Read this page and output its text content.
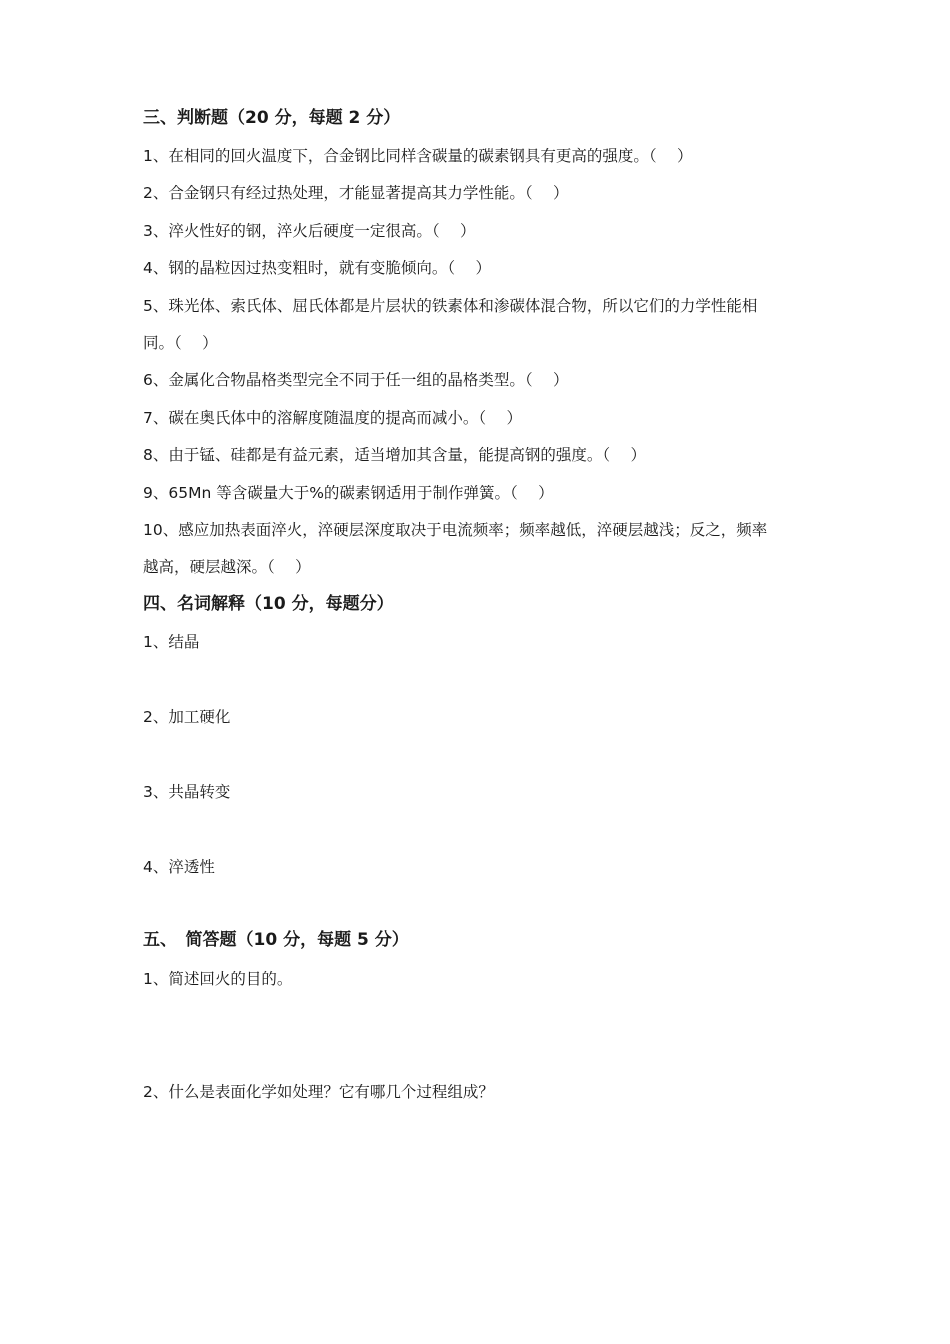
三、判断题（20 分，每题 2 分）
1、在相同的回火温度下，合金钢比同样含碳量的碳素钢具有更高的强度。（　 ）
2、合金钢只有经过热处理，才能显著提高其力学性能。（　 ）
3、淬火性好的钢，淬火后硬度一定很高。（　 ）
4、钢的晶粒因过热变粗时，就有变脆倾向。（　 ）
5、珠光体、索氏体、屈氏体都是片层状的铁素体和渗碳体混合物，所以它们的力学性能相
同。（　 ）
6、金属化合物晶格类型完全不同于任一组的晶格类型。（　 ）
7、碳在奥氏体中的溶解度随温度的提高而减小。（　 ）
8、由于锰、硅都是有益元素，适当增加其含量，能提高钢的强度。（　 ）
9、65Mn 等含碳量大于%的碳素钢适用于制作弹簧。（　 ）
10、感应加热表面淬火，淬硬层深度取决于电流频率；频率越低，淬硬层越浅；反之，频率
越高，硬层越深。（　 ）
四、名词解释（10 分，每题分）
1、结晶
2、加工硬化
3、共晶转变
4、淬透性
五、　简答题（10 分，每题 5 分）
1、简述回火的目的。
2、什么是表面化学如处理？它有哪几个过程组成？
